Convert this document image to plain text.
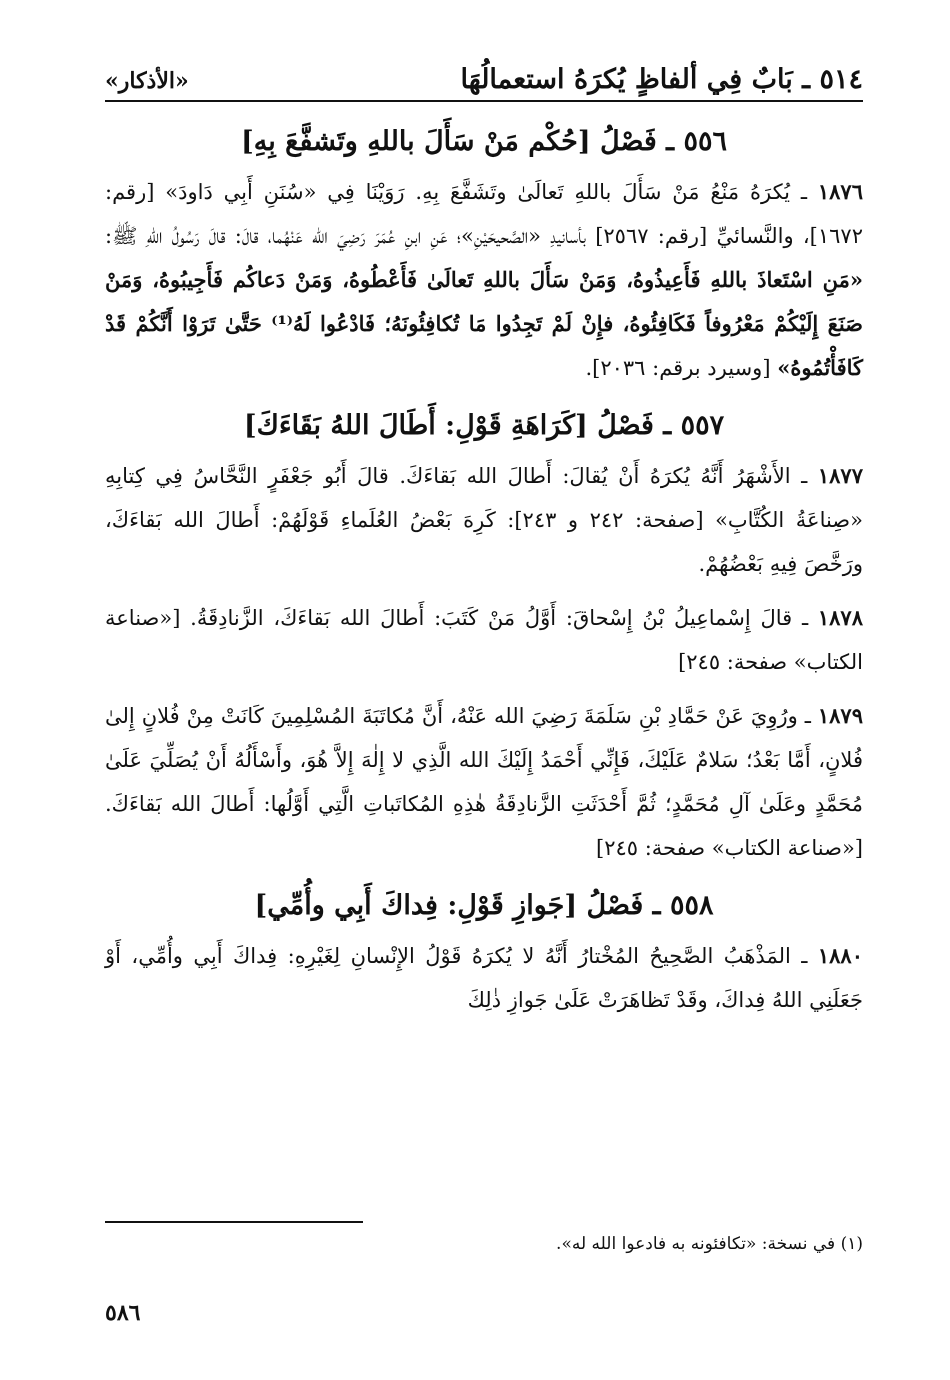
٥١٤ ـ بَابٌ فِي ألفاظٍ يُكرَهُ استعمالُهَا
«الأذكار»
٥٥٦ ـ فَصْلُ [حُكْم مَنْ سَأَلَ باللهِ وتَشفَّعَ بِهِ]

١٨٧٦ ـ يُكرَهُ مَنْعُ مَنْ سَأَلَ باللهِ تَعالَىٰ وتَشَفَّعَ بِهِ. رَوَيْنَا فِي «سُنَنِ أَبِي دَاودَ» [رقم: ١٦٧٢]، والنَّسائيِّ [رقم: ٢٥٦٧] بأسانيدِ «الصَّحيحَيْنِ»؛ عَنِ ابنِ عُمَرَ رَضِيَ الله عَنْهُما، قالَ: قالَ رَسُولُ اللهِ ﷺ: «مَنِ اسْتَعاذَ باللهِ فَأَعِيذُوهُ، وَمَنْ سَأَلَ باللهِ تَعالَىٰ فَأَعْطُوهُ، وَمَنْ دَعاكُم فَأَجِيبُوهُ، وَمَنْ صَنَعَ إِلَيْكُمْ مَعْرُوفاً فَكَافِئُوهُ، فإِنْ لَمْ تَجِدُوا مَا تُكافِئُونَهُ؛ فَادْعُوا لَهُ⁽¹⁾ حَتَّىٰ تَرَوْا أَنَّكُمْ قَدْ كَافَأْتُمُوهُ» [وسيرد برقم: ٢٠٣٦].

٥٥٧ ـ فَصْلُ [كَرَاهَةِ قَوْلِ: أَطَالَ اللهُ بَقَاءَكَ]

١٨٧٧ ـ الأَشْهَرُ أَنَّهُ يُكرَهُ أَنْ يُقالَ: أَطالَ الله بَقاءَكَ. قالَ أَبُو جَعْفَرٍ النَّحَّاسُ فِي كِتابِهِ «صِناعَةُ الكُتَّابِ» [صفحة: ٢٤٢ و ٢٤٣]: كَرِهَ بَعْضُ العُلَماءِ قَوْلَهُمْ: أَطالَ الله بَقاءَكَ، ورَخَّصَ فِيهِ بَعْضُهُمْ.

١٨٧٨ ـ قالَ إِسْماعِيلُ بْنُ إِسْحاقَ: أَوَّلُ مَنْ كَتَبَ: أَطالَ الله بَقاءَكَ، الزَّنادِقَةُ. [«صناعة الكتاب» صفحة: ٢٤٥]

١٨٧٩ ـ ورُوِيَ عَنْ حَمَّادِ بْنِ سَلَمَةَ رَضِيَ الله عَنْهُ، أَنَّ مُكاتَبَةَ المُسْلِمِينَ كَانَتْ مِنْ فُلانٍ إِلىٰ فُلانٍ، أَمَّا بَعْدُ؛ سَلامٌ عَلَيْكَ، فَإِنِّي أَحْمَدُ إِلَيْكَ الله الَّذِي لا إِلٰهَ إِلاَّ هُوَ، وأَسْأَلُهُ أَنْ يُصَلِّيَ عَلَىٰ مُحَمَّدٍ وعَلَىٰ آلِ مُحَمَّدٍ؛ ثُمَّ أَحْدَثَتِ الزَّنادِقَةُ هٰذِهِ المُكاتَباتِ الَّتِي أَوَّلُها: أَطالَ الله بَقاءَكَ. [«صناعة الكتاب» صفحة: ٢٤٥]

٥٥٨ ـ فَصْلُ [جَوازِ قَوْلِ: فِداكَ أَبِي وأُمِّي]

١٨٨٠ ـ المَذْهَبُ الصَّحِيحُ المُخْتارُ أَنَّهُ لا يُكرَهُ قَوْلُ الإِنْسانِ لِغَيْرِهِ: فِداكَ أَبِي وأُمِّي، أَوْ جَعَلَنِي اللهُ فِداكَ، وقَدْ تَظاهَرَتْ عَلَىٰ جَوازِ ذٰلِكَ

(١) في نسخة: «تكافئونه به فادعوا الله له».
٥٨٦
